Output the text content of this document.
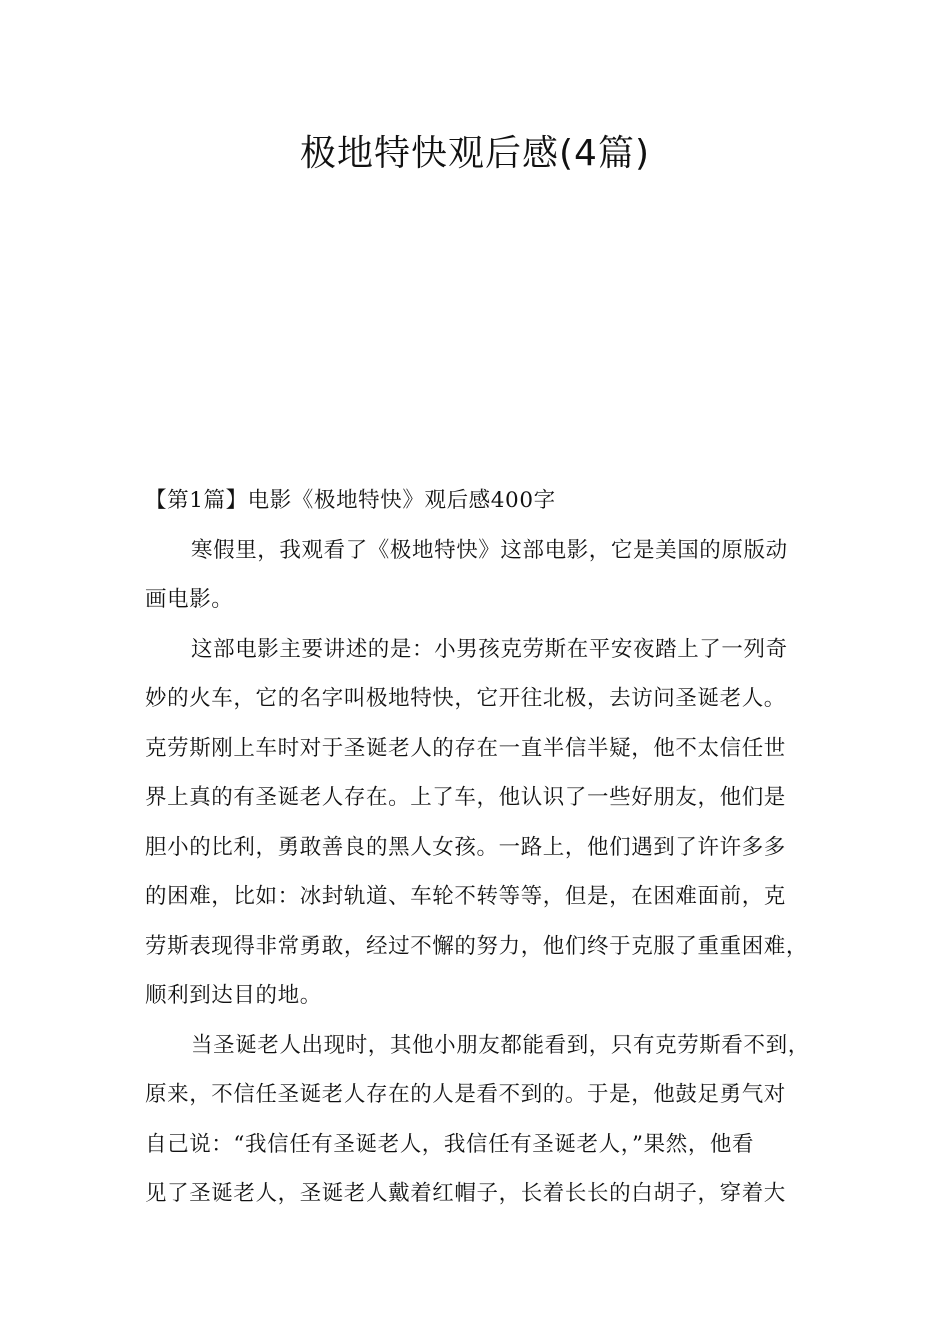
极地特快观后感(4篇)

【第1篇】电影《极地特快》观后感400字

寒假里，我观看了《极地特快》这部电影，它是美国的原版动
画电影。

这部电影主要讲述的是：小男孩克劳斯在平安夜踏上了一列奇
妙的火车，它的名字叫极地特快，它开往北极，去访问圣诞老人。
克劳斯刚上车时对于圣诞老人的存在一直半信半疑，他不太信任世
界上真的有圣诞老人存在。上了车，他认识了一些好朋友，他们是
胆小的比利，勇敢善良的黑人女孩。一路上，他们遇到了许许多多
的困难，比如：冰封轨道、车轮不转等等，但是，在困难面前，克
劳斯表现得非常勇敢，经过不懈的努力，他们终于克服了重重困难，
顺利到达目的地。

当圣诞老人出现时，其他小朋友都能看到，只有克劳斯看不到，
原来，不信任圣诞老人存在的人是看不到的。于是，他鼓足勇气对
自己说：“我信任有圣诞老人，我信任有圣诞老人，”果然，他看
见了圣诞老人，圣诞老人戴着红帽子，长着长长的白胡子，穿着大
